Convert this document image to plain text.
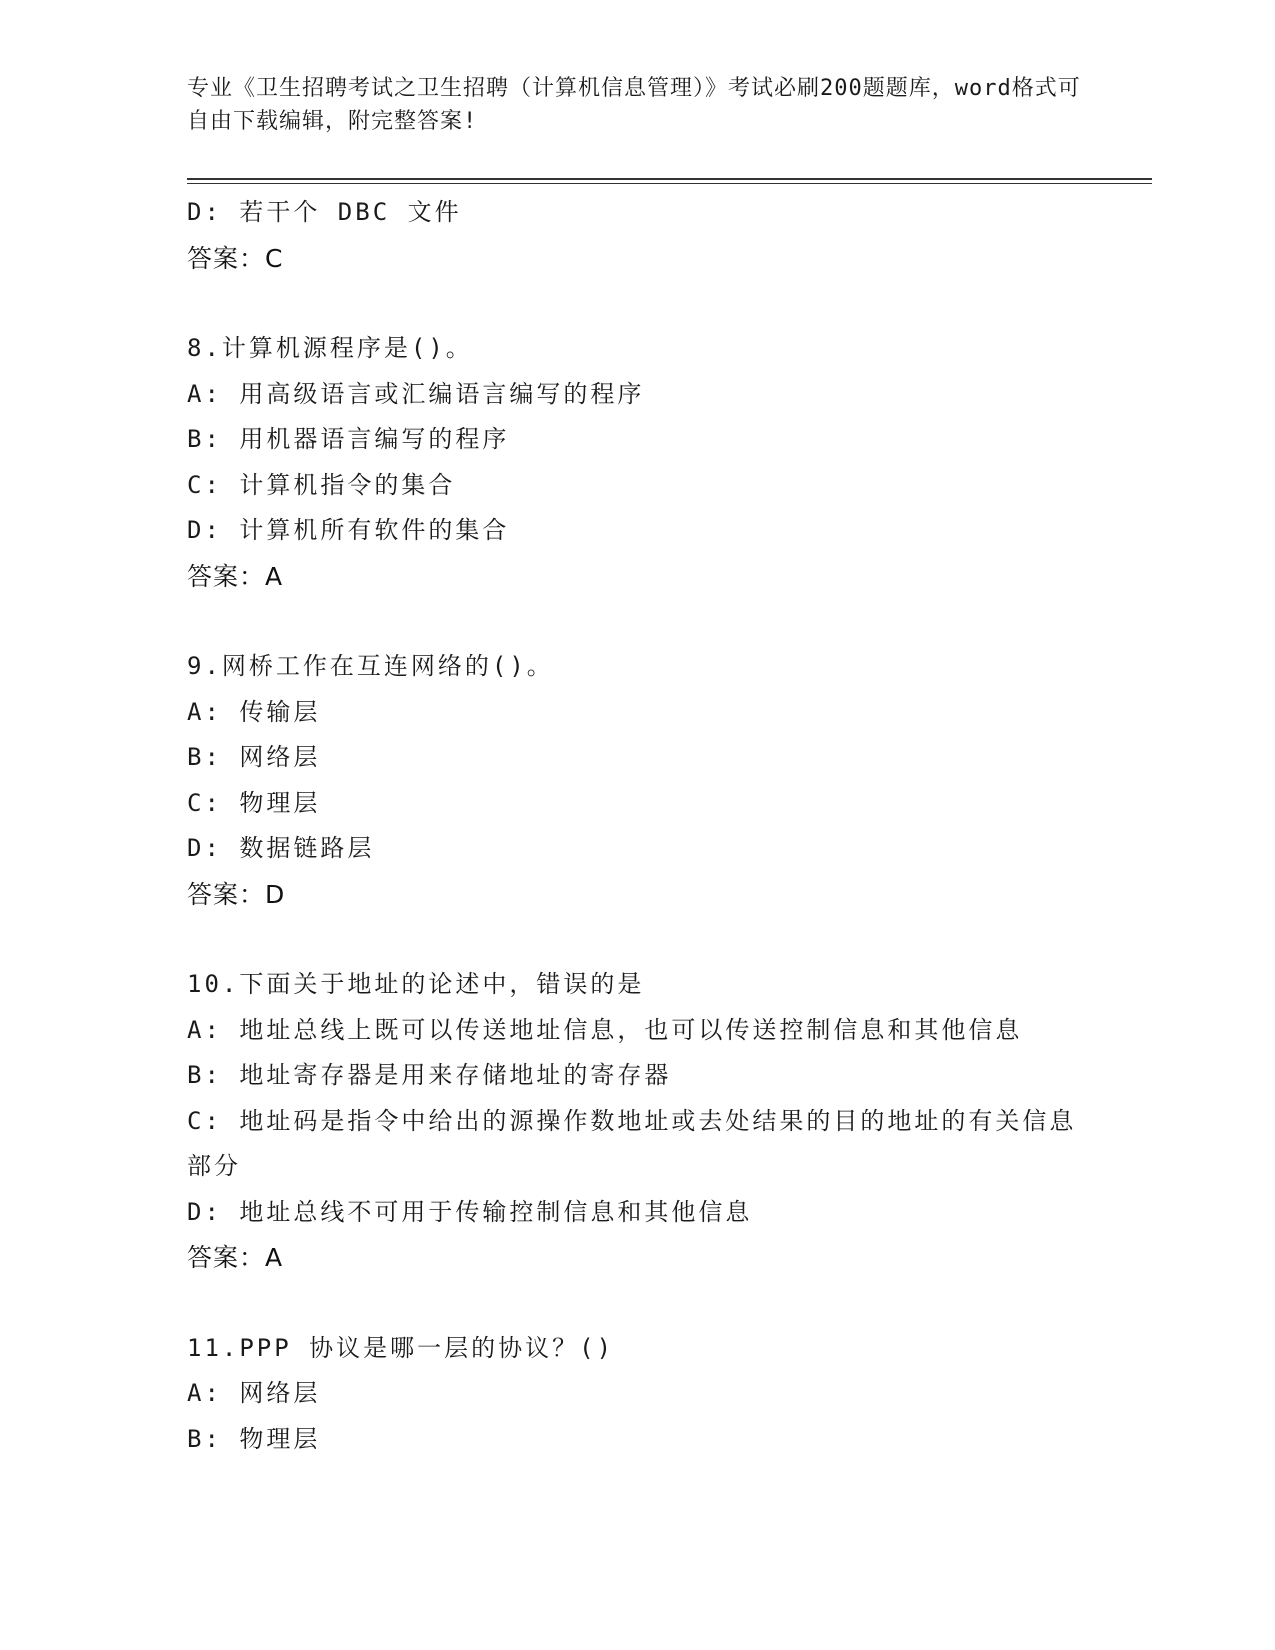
专业《卫生招聘考试之卫生招聘（计算机信息管理）》考试必刷200题题库，word格式可自由下载编辑，附完整答案!
D: 若干个 DBC 文件
答案：C
8.计算机源程序是()。
A: 用高级语言或汇编语言编写的程序
B: 用机器语言编写的程序
C: 计算机指令的集合
D: 计算机所有软件的集合
答案：A
9.网桥工作在互连网络的()。
A: 传输层
B: 网络层
C: 物理层
D: 数据链路层
答案：D
10.下面关于地址的论述中，错误的是
A: 地址总线上既可以传送地址信息，也可以传送控制信息和其他信息
B: 地址寄存器是用来存储地址的寄存器
C: 地址码是指令中给出的源操作数地址或去处结果的目的地址的有关信息部分
D: 地址总线不可用于传输控制信息和其他信息
答案：A
11.PPP 协议是哪一层的协议？()
A: 网络层
B: 物理层
